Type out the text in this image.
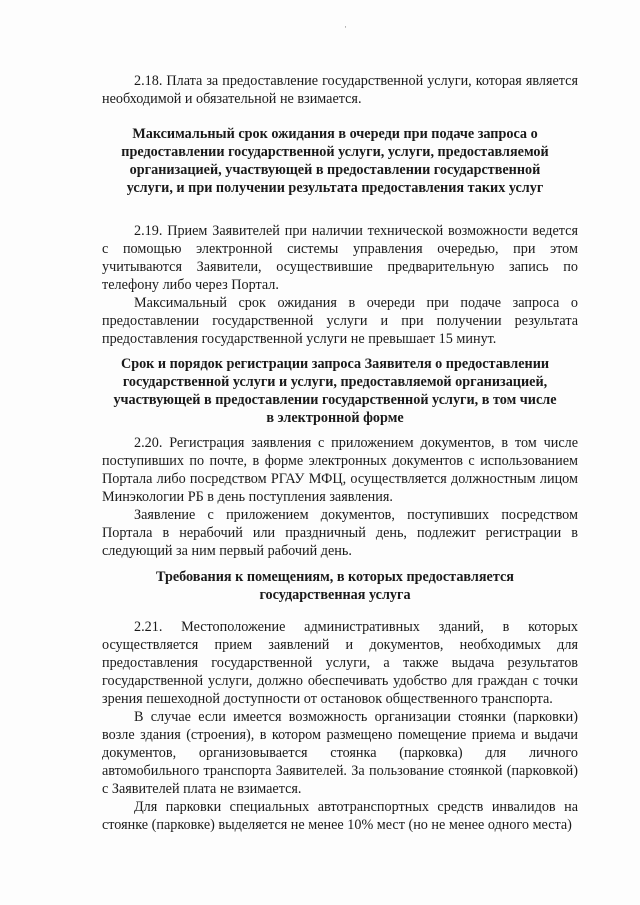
·

2.18. Плата за предоставление государственной услуги, которая является необходимой и обязательной не взимается.

Максимальный срок ожидания в очереди при подаче запроса о предоставлении государственной услуги, услуги, предоставляемой организацией, участвующей в предоставлении государственной услуги, и при получении результата предоставления таких услуг

2.19. Прием Заявителей при наличии технической возможности ведется с помощью электронной системы управления очередью, при этом учитываются Заявители, осуществившие предварительную запись по телефону либо через Портал.

Максимальный срок ожидания в очереди при подаче запроса о предоставлении государственной услуги и при получении результата предоставления государственной услуги не превышает 15 минут.

Срок и порядок регистрации запроса Заявителя о предоставлении государственной услуги и услуги, предоставляемой организацией, участвующей в предоставлении государственной услуги, в том числе в электронной форме

2.20. Регистрация заявления с приложением документов, в том числе поступивших по почте, в форме электронных документов с использованием Портала либо посредством РГАУ МФЦ, осуществляется должностным лицом Минэкологии РБ в день поступления заявления.

Заявление с приложением документов, поступивших посредством Портала в нерабочий или праздничный день, подлежит регистрации в следующий за ним первый рабочий день.

Требования к помещениям, в которых предоставляется государственная услуга

2.21. Местоположение административных зданий, в которых осуществляется прием заявлений и документов, необходимых для предоставления государственной услуги, а также выдача результатов государственной услуги, должно обеспечивать удобство для граждан с точки зрения пешеходной доступности от остановок общественного транспорта.

В случае если имеется возможность организации стоянки (парковки) возле здания (строения), в котором размещено помещение приема и выдачи документов, организовывается стоянка (парковка) для личного автомобильного транспорта Заявителей. За пользование стоянкой (парковкой) с Заявителей плата не взимается.

Для парковки специальных автотранспортных средств инвалидов на стоянке (парковке) выделяется не менее 10% мест (но не менее одного места)
